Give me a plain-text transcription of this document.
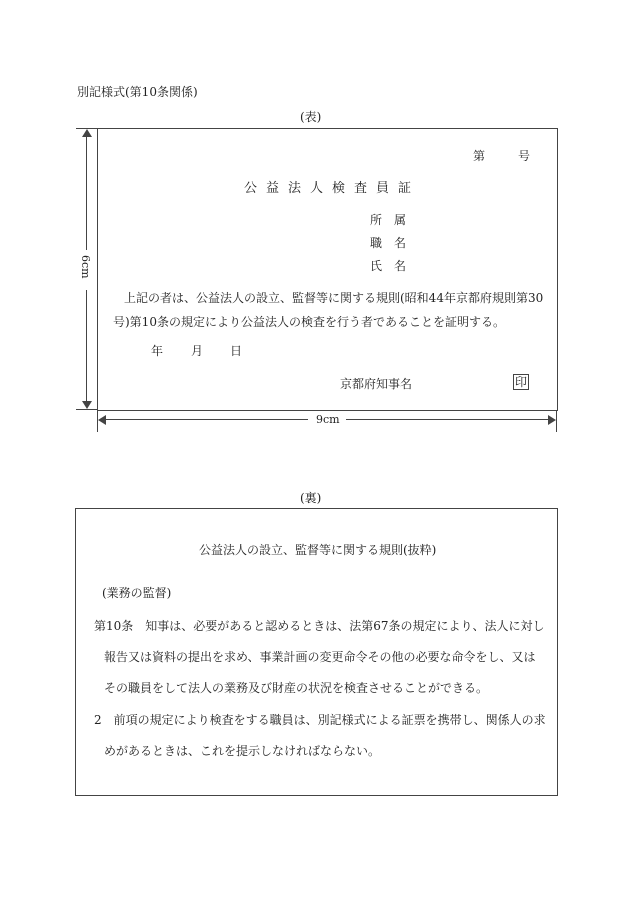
別記様式(第10条関係)
(表)
6cm
9cm
第	号
公益法人検査員証
所　属
職　名
氏　名
上記の者は、公益法人の設立、監督等に関する規則(昭和44年京都府規則第30
号)第10条の規定により公益法人の検査を行う者であることを証明する。
年 月 日
京都府知事名	印
(裏)
公益法人の設立、監督等に関する規則(抜粋)
(業務の監督)
第10条　知事は、必要があると認めるときは、法第67条の規定により、法人に対し
報告又は資料の提出を求め、事業計画の変更命令その他の必要な命令をし、又は
その職員をして法人の業務及び財産の状況を検査させることができる。
2　前項の規定により検査をする職員は、別記様式による証票を携帯し、関係人の求
めがあるときは、これを提示しなければならない。
